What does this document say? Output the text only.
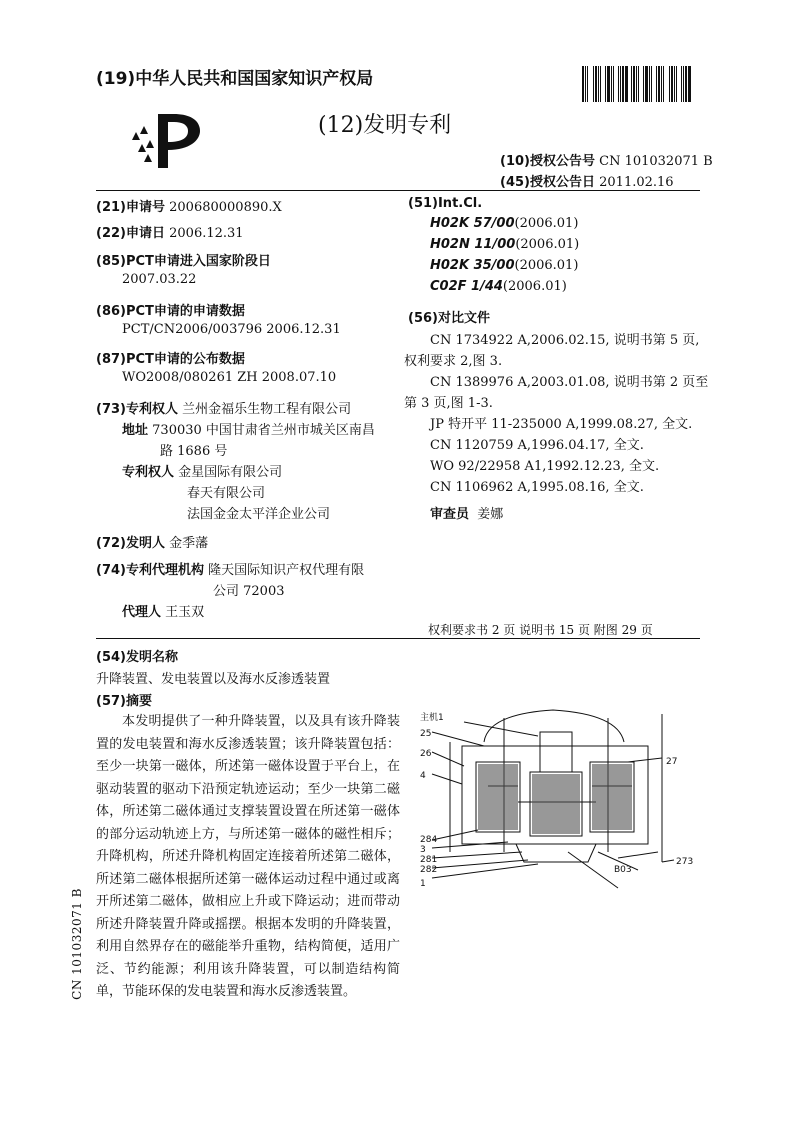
(19)中华人民共和国国家知识产权局
(12)发明专利
(10)授权公告号 CN 101032071 B
(45)授权公告日 2011.02.16
(21)申请号 200680000890.X
(22)申请日 2006.12.31
(85)PCT申请进入国家阶段日
2007.03.22
(86)PCT申请的申请数据
PCT/CN2006/003796 2006.12.31
(87)PCT申请的公布数据
WO2008/080261 ZH 2008.07.10
(73)专利权人 兰州金福乐生物工程有限公司
地址 730030 中国甘肃省兰州市城关区南昌
路 1686 号
专利权人 金星国际有限公司
春天有限公司
法国金金太平洋企业公司
(72)发明人 金季藩
(74)专利代理机构 隆天国际知识产权代理有限
公司 72003
代理人 王玉双
(51)Int.Cl.
H02K 57/00(2006.01)
H02N 11/00(2006.01)
H02K 35/00(2006.01)
C02F 1/44(2006.01)
(56)对比文件
CN 1734922 A,2006.02.15, 说明书第 5 页,
权利要求 2,图 3.
CN 1389976 A,2003.01.08, 说明书第 2 页至
第 3 页,图 1-3.
JP 特开平 11-235000 A,1999.08.27, 全文.
CN 1120759 A,1996.04.17, 全文.
WO 92/22958 A1,1992.12.23, 全文.
CN 1106962 A,1995.08.16, 全文.
审查员 姜娜
权利要求书 2 页 说明书 15 页 附图 29 页
(54)发明名称
升降装置、发电装置以及海水反渗透装置
(57)摘要
本发明提供了一种升降装置，以及具有该升降装置的发电装置和海水反渗透装置；该升降装置包括：至少一块第一磁体，所述第一磁体设置于平台上，在驱动装置的驱动下沿预定轨迹运动；至少一块第二磁体，所述第二磁体通过支撑装置设置在所述第一磁体的部分运动轨迹上方，与所述第一磁体的磁性相斥；升降机构，所述升降机构固定连接着所述第二磁体，所述第二磁体根据所述第一磁体运动过程中通过或离开所述第二磁体，做相应上升或下降运动；进而带动所述升降装置升降或摇摆。根据本发明的升降装置，利用自然界存在的磁能举升重物，结构简便，适用广泛、节约能源；利用该升降装置，可以制造结构简单，节能环保的发电装置和海水反渗透装置。
CN 101032071 B
主机1
25
26
4
284
3
281
282
1
27
B03
273
